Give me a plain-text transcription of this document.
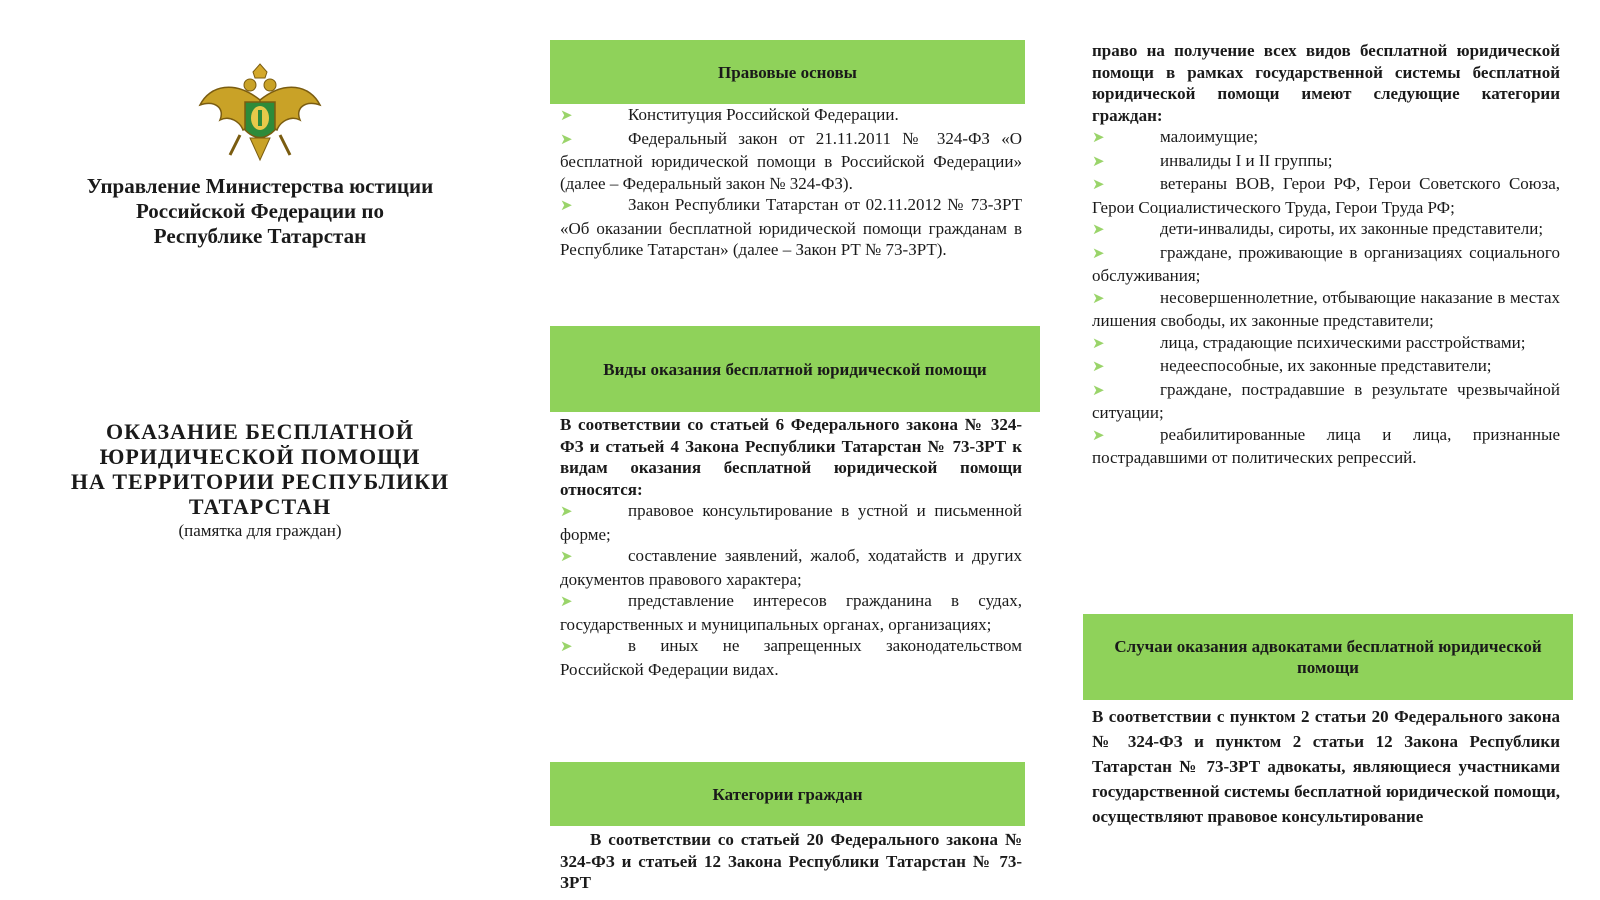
Управление Министерства юстиции
Российской Федерации по
Республике Татарстан
ОКАЗАНИЕ БЕСПЛАТНОЙ
ЮРИДИЧЕСКОЙ ПОМОЩИ
НА ТЕРРИТОРИИ РЕСПУБЛИКИ
ТАТАРСТАН
(памятка для граждан)
Правовые основы

➤	Конституция Российской Федерации.

➤	Федеральный закон от 21.11.2011 № 324-ФЗ «О бесплатной юридической помощи в Российской Федерации» (далее – Федеральный закон № 324-ФЗ).

➤	Закон Республики Татарстан от 02.11.2012 № 73-ЗРТ «Об оказании бесплатной юридической помощи гражданам в Республике Татарстан» (далее – Закон РТ № 73-ЗРТ).

Виды оказания бесплатной юридической помощи

В соответствии со статьей 6 Федерального закона № 324-ФЗ и статьей 4 Закона Республики Татарстан № 73-ЗРТ к видам оказания бесплатной юридической помощи относятся:

➤	правовое консультирование в устной и письменной форме;

➤	составление заявлений, жалоб, ходатайств и других документов правового характера;

➤	представление интересов гражданина в судах, государственных и муниципальных органах, организациях;

➤	в иных не запрещенных законодательством Российской Федерации видах.

Категории граждан
В соответствии со статьей 20 Федерального закона № 324-ФЗ и статьей 12 Закона Республики Татарстан № 73-ЗРТ

право на получение всех видов бесплатной юридической помощи в рамках государственной системы бесплатной юридической помощи имеют следующие категории граждан:

➤	малоимущие;

➤	инвалиды I и II группы;

➤	ветераны ВОВ, Герои РФ, Герои Советского Союза, Герои Социалистического Труда, Герои Труда РФ;

➤	дети-инвалиды, сироты, их законные представители;

➤	граждане, проживающие в организациях социального обслуживания;

➤	несовершеннолетние, отбывающие наказание в местах лишения свободы, их законные представители;

➤	лица, страдающие психическими расстройствами;

➤	недееспособные, их законные представители;

➤	граждане, пострадавшие в результате чрезвычайной ситуации;

➤	реабилитированные лица и лица, признанные пострадавшими от политических репрессий.

Случаи оказания адвокатами бесплатной юридической помощи
В соответствии с пунктом 2 статьи 20 Федерального закона № 324-ФЗ и пунктом 2 статьи 12 Закона Республики Татарстан № 73-ЗРТ адвокаты, являющиеся участниками государственной системы бесплатной юридической помощи, осуществляют правовое консультирование
